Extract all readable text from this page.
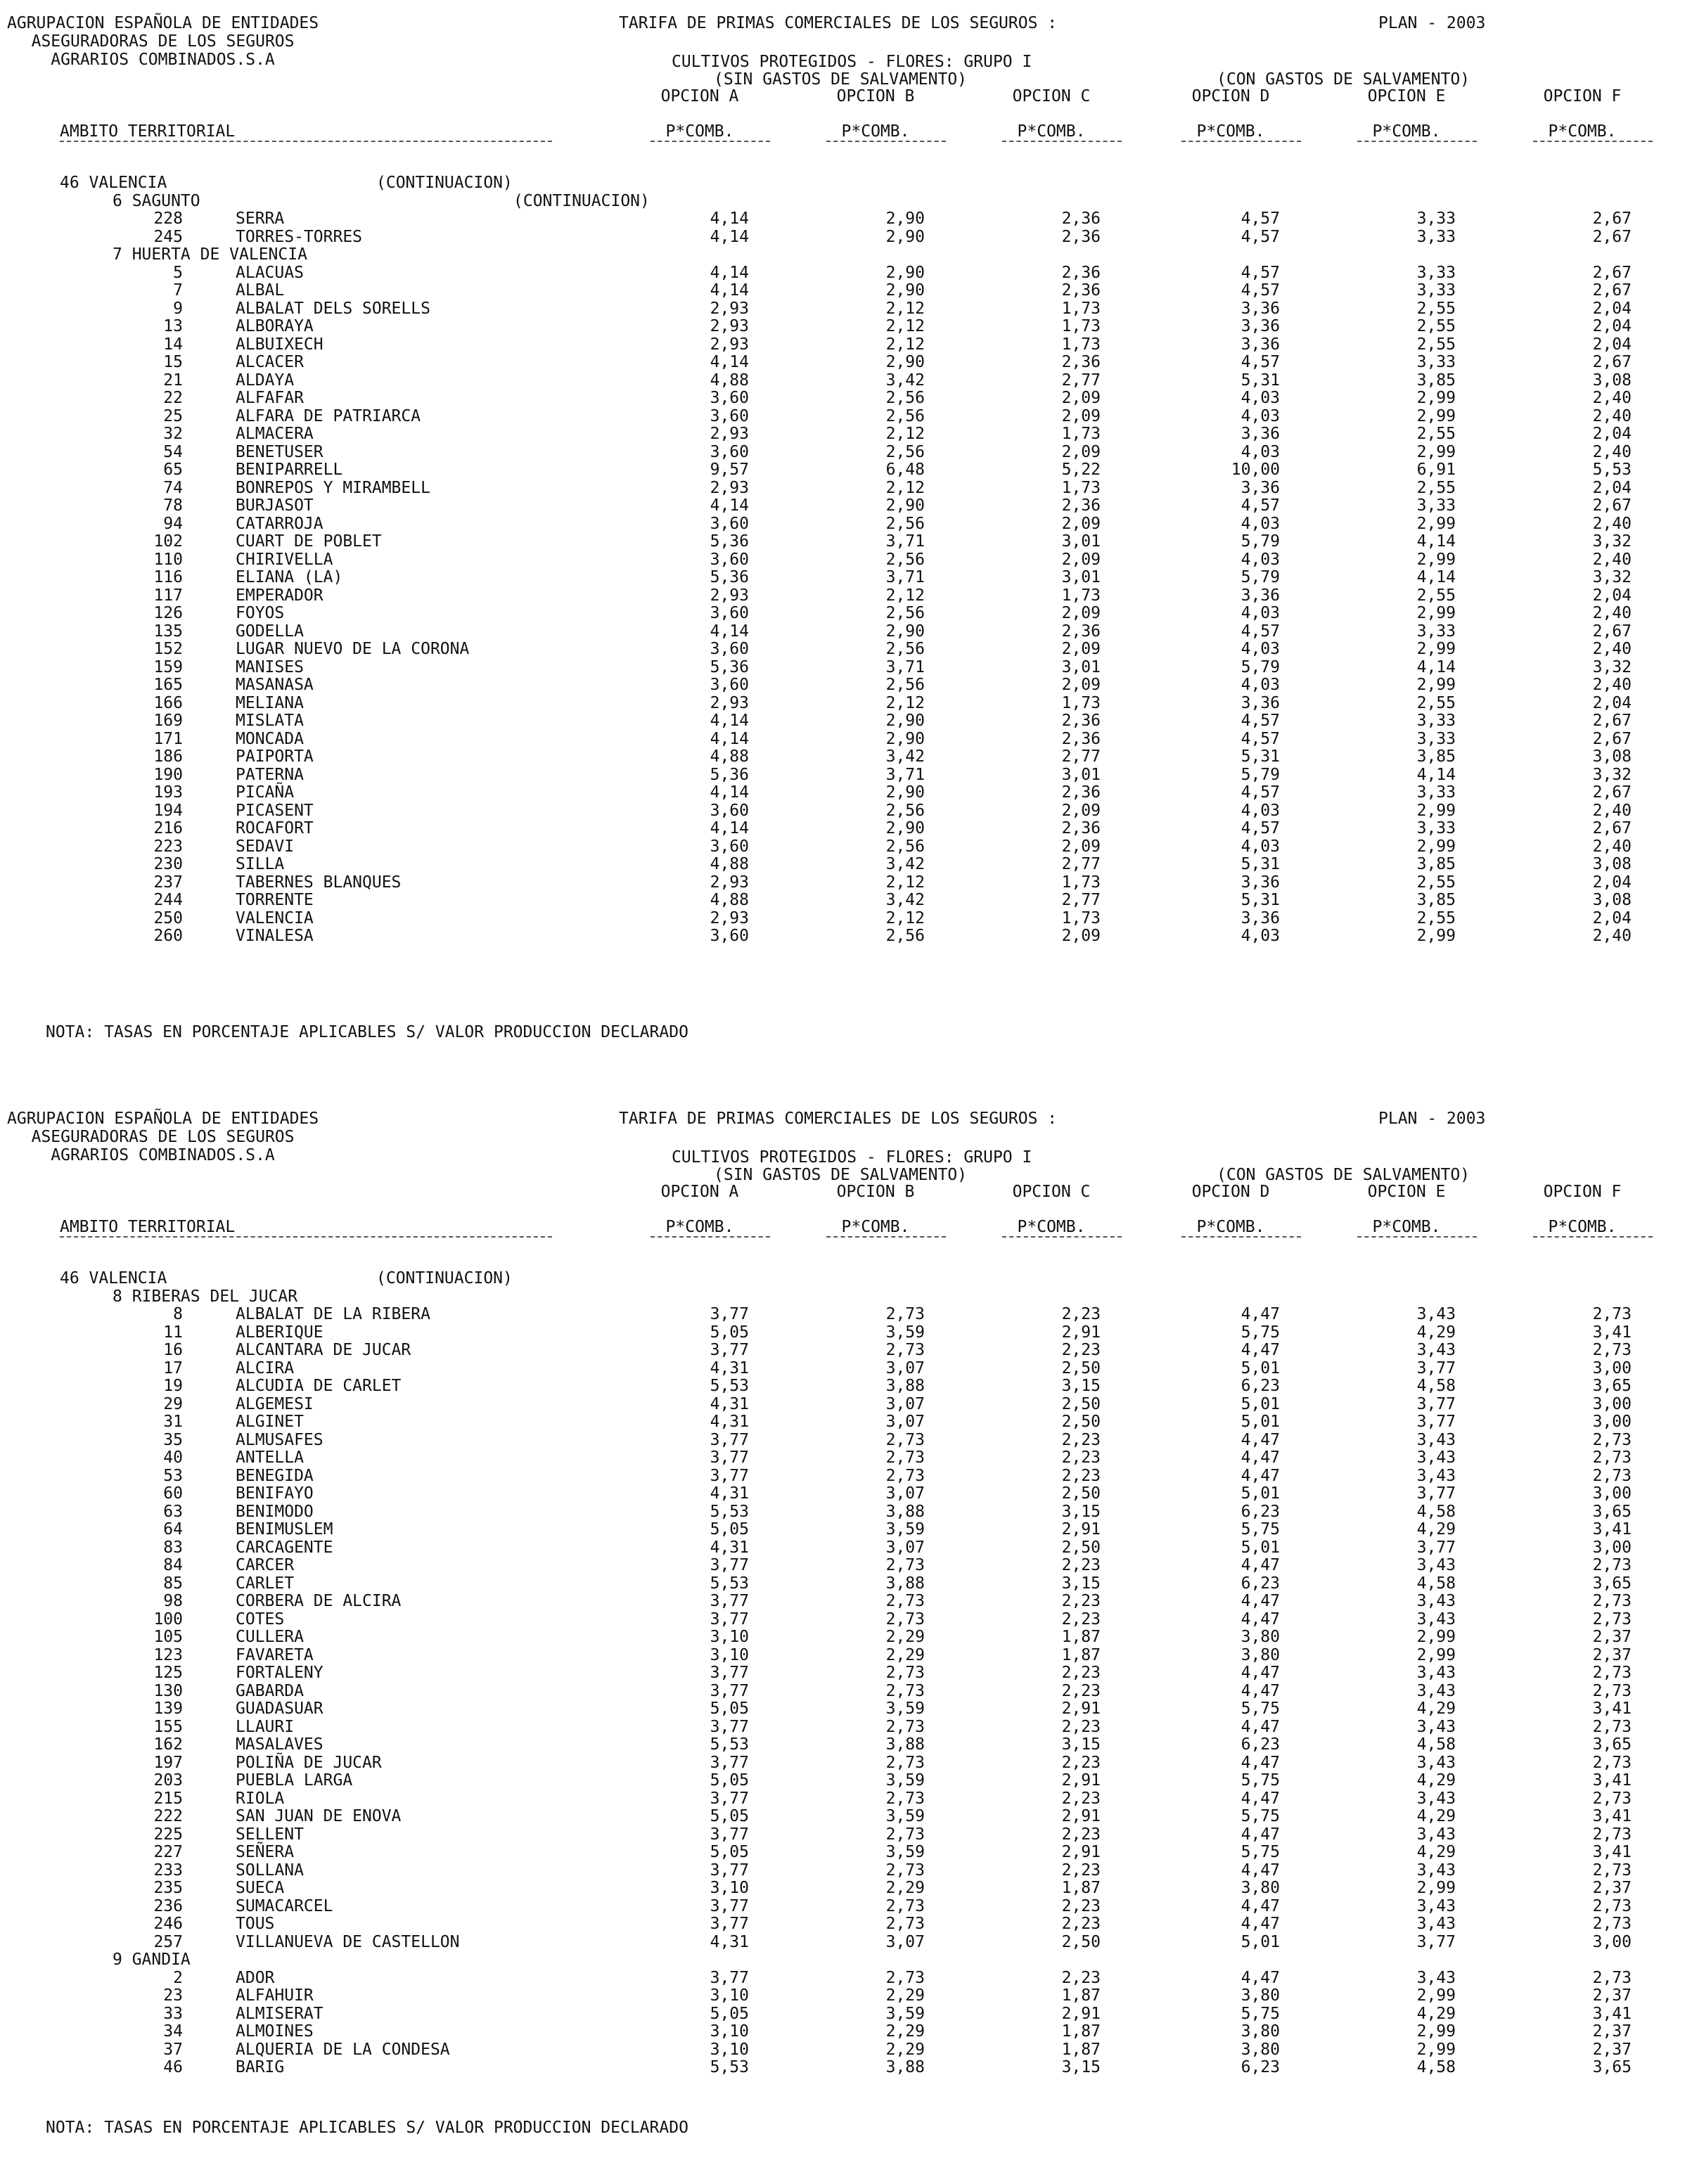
AGRUPACION ESPAÑOLA DE ENTIDADES
ASEGURADORAS DE LOS SEGUROS
AGRARIOS COMBINADOS.S.A
TARIFA DE PRIMAS COMERCIALES DE LOS SEGUROS :	PLAN - 2003
CULTIVOS PROTEGIDOS - FLORES: GRUPO I
(SIN GASTOS DE SALVAMENTO)	(CON GASTOS DE SALVAMENTO)
OPCION A	OPCION B	OPCION C	OPCION D	OPCION E	OPCION F
AMBITO TERRITORIAL	P*COMB.	P*COMB.	P*COMB.	P*COMB.	P*COMB.	P*COMB.
46 VALENCIA	(CONTINUACION)
6 SAGUNTO	(CONTINUACION)
228	SERRA	4,14	2,90	2,36	4,57	3,33	2,67
245	TORRES-TORRES	4,14	2,90	2,36	4,57	3,33	2,67
7 HUERTA DE VALENCIA
5	ALACUAS	4,14	2,90	2,36	4,57	3,33	2,67
7	ALBAL	4,14	2,90	2,36	4,57	3,33	2,67
9	ALBALAT DELS SORELLS	2,93	2,12	1,73	3,36	2,55	2,04
13	ALBORAYA	2,93	2,12	1,73	3,36	2,55	2,04
14	ALBUIXECH	2,93	2,12	1,73	3,36	2,55	2,04
15	ALCACER	4,14	2,90	2,36	4,57	3,33	2,67
21	ALDAYA	4,88	3,42	2,77	5,31	3,85	3,08
22	ALFAFAR	3,60	2,56	2,09	4,03	2,99	2,40
25	ALFARA DE PATRIARCA	3,60	2,56	2,09	4,03	2,99	2,40
32	ALMACERA	2,93	2,12	1,73	3,36	2,55	2,04
54	BENETUSER	3,60	2,56	2,09	4,03	2,99	2,40
65	BENIPARRELL	9,57	6,48	5,22	10,00	6,91	5,53
74	BONREPOS Y MIRAMBELL	2,93	2,12	1,73	3,36	2,55	2,04
78	BURJASOT	4,14	2,90	2,36	4,57	3,33	2,67
94	CATARROJA	3,60	2,56	2,09	4,03	2,99	2,40
102	CUART DE POBLET	5,36	3,71	3,01	5,79	4,14	3,32
110	CHIRIVELLA	3,60	2,56	2,09	4,03	2,99	2,40
116	ELIANA (LA)	5,36	3,71	3,01	5,79	4,14	3,32
117	EMPERADOR	2,93	2,12	1,73	3,36	2,55	2,04
126	FOYOS	3,60	2,56	2,09	4,03	2,99	2,40
135	GODELLA	4,14	2,90	2,36	4,57	3,33	2,67
152	LUGAR NUEVO DE LA CORONA	3,60	2,56	2,09	4,03	2,99	2,40
159	MANISES	5,36	3,71	3,01	5,79	4,14	3,32
165	MASANASA	3,60	2,56	2,09	4,03	2,99	2,40
166	MELIANA	2,93	2,12	1,73	3,36	2,55	2,04
169	MISLATA	4,14	2,90	2,36	4,57	3,33	2,67
171	MONCADA	4,14	2,90	2,36	4,57	3,33	2,67
186	PAIPORTA	4,88	3,42	2,77	5,31	3,85	3,08
190	PATERNA	5,36	3,71	3,01	5,79	4,14	3,32
193	PICAÑA	4,14	2,90	2,36	4,57	3,33	2,67
194	PICASENT	3,60	2,56	2,09	4,03	2,99	2,40
216	ROCAFORT	4,14	2,90	2,36	4,57	3,33	2,67
223	SEDAVI	3,60	2,56	2,09	4,03	2,99	2,40
230	SILLA	4,88	3,42	2,77	5,31	3,85	3,08
237	TABERNES BLANQUES	2,93	2,12	1,73	3,36	2,55	2,04
244	TORRENTE	4,88	3,42	2,77	5,31	3,85	3,08
250	VALENCIA	2,93	2,12	1,73	3,36	2,55	2,04
260	VINALESA	3,60	2,56	2,09	4,03	2,99	2,40
NOTA: TASAS EN PORCENTAJE APLICABLES S/ VALOR PRODUCCION DECLARADO
AGRUPACION ESPAÑOLA DE ENTIDADES
ASEGURADORAS DE LOS SEGUROS
AGRARIOS COMBINADOS.S.A
TARIFA DE PRIMAS COMERCIALES DE LOS SEGUROS :	PLAN - 2003
CULTIVOS PROTEGIDOS - FLORES: GRUPO I
(SIN GASTOS DE SALVAMENTO)	(CON GASTOS DE SALVAMENTO)
OPCION A	OPCION B	OPCION C	OPCION D	OPCION E	OPCION F
AMBITO TERRITORIAL	P*COMB.	P*COMB.	P*COMB.	P*COMB.	P*COMB.	P*COMB.
46 VALENCIA	(CONTINUACION)
8 RIBERAS DEL JUCAR
8	ALBALAT DE LA RIBERA	3,77	2,73	2,23	4,47	3,43	2,73
11	ALBERIQUE	5,05	3,59	2,91	5,75	4,29	3,41
16	ALCANTARA DE JUCAR	3,77	2,73	2,23	4,47	3,43	2,73
17	ALCIRA	4,31	3,07	2,50	5,01	3,77	3,00
19	ALCUDIA DE CARLET	5,53	3,88	3,15	6,23	4,58	3,65
29	ALGEMESI	4,31	3,07	2,50	5,01	3,77	3,00
31	ALGINET	4,31	3,07	2,50	5,01	3,77	3,00
35	ALMUSAFES	3,77	2,73	2,23	4,47	3,43	2,73
40	ANTELLA	3,77	2,73	2,23	4,47	3,43	2,73
53	BENEGIDA	3,77	2,73	2,23	4,47	3,43	2,73
60	BENIFAYO	4,31	3,07	2,50	5,01	3,77	3,00
63	BENIMODO	5,53	3,88	3,15	6,23	4,58	3,65
64	BENIMUSLEM	5,05	3,59	2,91	5,75	4,29	3,41
83	CARCAGENTE	4,31	3,07	2,50	5,01	3,77	3,00
84	CARCER	3,77	2,73	2,23	4,47	3,43	2,73
85	CARLET	5,53	3,88	3,15	6,23	4,58	3,65
98	CORBERA DE ALCIRA	3,77	2,73	2,23	4,47	3,43	2,73
100	COTES	3,77	2,73	2,23	4,47	3,43	2,73
105	CULLERA	3,10	2,29	1,87	3,80	2,99	2,37
123	FAVARETA	3,10	2,29	1,87	3,80	2,99	2,37
125	FORTALENY	3,77	2,73	2,23	4,47	3,43	2,73
130	GABARDA	3,77	2,73	2,23	4,47	3,43	2,73
139	GUADASUAR	5,05	3,59	2,91	5,75	4,29	3,41
155	LLAURI	3,77	2,73	2,23	4,47	3,43	2,73
162	MASALAVES	5,53	3,88	3,15	6,23	4,58	3,65
197	POLIÑA DE JUCAR	3,77	2,73	2,23	4,47	3,43	2,73
203	PUEBLA LARGA	5,05	3,59	2,91	5,75	4,29	3,41
215	RIOLA	3,77	2,73	2,23	4,47	3,43	2,73
222	SAN JUAN DE ENOVA	5,05	3,59	2,91	5,75	4,29	3,41
225	SELLENT	3,77	2,73	2,23	4,47	3,43	2,73
227	SEÑERA	5,05	3,59	2,91	5,75	4,29	3,41
233	SOLLANA	3,77	2,73	2,23	4,47	3,43	2,73
235	SUECA	3,10	2,29	1,87	3,80	2,99	2,37
236	SUMACARCEL	3,77	2,73	2,23	4,47	3,43	2,73
246	TOUS	3,77	2,73	2,23	4,47	3,43	2,73
257	VILLANUEVA DE CASTELLON	4,31	3,07	2,50	5,01	3,77	3,00
9 GANDIA
2	ADOR	3,77	2,73	2,23	4,47	3,43	2,73
23	ALFAHUIR	3,10	2,29	1,87	3,80	2,99	2,37
33	ALMISERAT	5,05	3,59	2,91	5,75	4,29	3,41
34	ALMOINES	3,10	2,29	1,87	3,80	2,99	2,37
37	ALQUERIA DE LA CONDESA	3,10	2,29	1,87	3,80	2,99	2,37
46	BARIG	5,53	3,88	3,15	6,23	4,58	3,65
NOTA: TASAS EN PORCENTAJE APLICABLES S/ VALOR PRODUCCION DECLARADO
